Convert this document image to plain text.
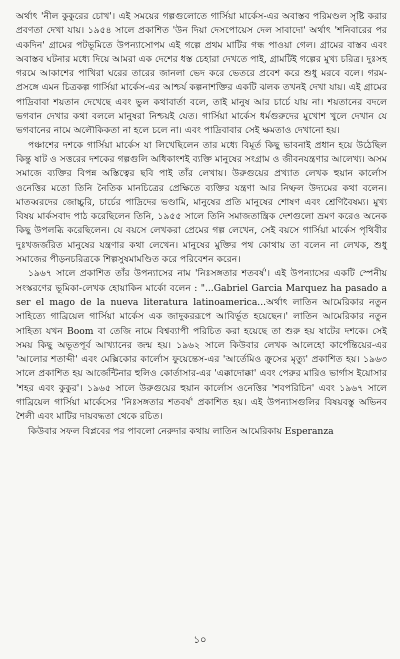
অর্থাৎ 'নীল কুকুরের চোখ'। এই সময়ের গল্পগুলোতে গার্সিয়া মার্কেস-এর অবাস্তব পরিমণ্ডল সৃষ্টি করার প্রবণতা দেখা যায়। ১৯৫৪ সালে প্রকাশিত 'উন দিয়া দেসপোয়েস দেল সাবাদো' অর্থাৎ 'শনিবারের পর একদিন' গ্রামের পটভূমিতে উপন্যাসোপম এই গল্পে প্রথম মাটির গন্ধ পাওয়া গেল। গ্রামের বাস্তব এবং অবাস্তব ঘটনার মধ্যে দিয়ে আমরা এক দেশের ধস্ত চেহারা দেখতে পাই, গ্রামটিই গল্পের মুখ্য চরিত্র। দুঃসহ গরমে আকাশের পাখিরা ঘরের তারের জানলা ভেদ করে ভেতরে প্রবেশ করে শুধু মরবে বলে। গরম-প্রসঙ্গে এমন চিত্রকল্প গার্সিয়া মার্কেস-এর আশ্চর্য কল্পনাশক্তির একটি ঝলক তখনই দেখা যায়। এই গ্রামের পাদ্রিবাবা শয়তান দেখেছে এবং ভুল কথাবার্তা বলে, তাই মানুষ আর চার্চে যায় না। শয়তানের বদলে ভগবান দেখার কথা বললে মানুষরা নিশ্চয়ই যেত। গার্সিয়া মার্কেস ধর্মগুরুদের মুখোশ খুলে দেখান যে ভগবানের নামে অলৌকিকতা না হলে চলে না। এবং পাদ্রিবাবার সেই ক্ষমতাও দেখানো হয়।

পঞ্চাশের দশকে গার্সিয়া মার্কেস যা লিখেছিলেন তার মধ্যে বিমূর্ত কিছু ভাবনাই প্রধান হয়ে উঠেছিল কিন্তু ষাট ও সত্তরের দশকের গল্পগুলি অধিকাংশই ব্যক্তি মানুষের সংগ্রাম ও জীবনযন্ত্রণার আলেখ্য। অসম সমাজে ব্যক্তির বিপন্ন অস্তিত্বের ছবি পাই তাঁর লেখায়। উরুগুয়ের প্রখ্যাত লেখক হুয়ান কার্লোস ওনেত্তির মতো তিনি নৈতিক মানচিত্রের প্রেক্ষিতে ব্যক্তির যন্ত্রণা আর নিষ্ফল উদ্যমের কথা বলেন। মাতব্বরদের জোচ্চুরি, চার্চের পাদ্রিদের ভণ্ডামি, মানুষের প্রতি মানুষের শোষণ এবং শ্রেণিবৈষম্য। মুখ্য বিষয় মার্কসবাদ পাঠ করেছিলেন তিনি, ১৯৫৫ সালে তিনি সমাজতান্ত্রিক দেশগুলো ভ্রমণ করেও অনেক কিছু উপলব্ধি করেছিলেন। যে বয়সে লেখকরা প্রেমের গল্প লেখেন, সেই বয়সে গার্সিয়া মার্কেস পৃথিবীর দুঃখজর্জরিত মানুষের যন্ত্রণার কথা লেখেন। মানুষের মুক্তির পথ কোথায় তা বলেন না লেখক, শুধু সমাজের পীড়নচরিত্রকে শিল্পসুষমামণ্ডিত করে পরিবেশন করেন।

১৯৬৭ সালে প্রকাশিত তাঁর উপন্যাসের নাম 'নিঃসঙ্গতার শতবর্ষ'। এই উপন্যাসের একটি স্পেনীয় সংস্করণের ভূমিকা-লেখক হোয়াকিন মার্কো বলেন : "...Gabriel Garcia Marquez ha pasado a ser el mago de la nueva literatura latinoamerica...অর্থাৎ লাতিন আমেরিকার নতুন সাহিত্যে গাব্রিয়েল গার্সিয়া মার্কেস এক জাদুকররূপে আবির্ভূত হয়েছেন।' লাতিন আমেরিকার নতুন সাহিত্য যখন Boom বা তেজি নামে বিশ্বব্যাপী পরিচিত করা হয়েছে তা শুরু হয় ষাটের দশকে। সেই সময় কিছু অভূতপূর্ব আখ্যানের জন্ম হয়। ১৯৬২ সালে কিউবার লেখক আলেহো কার্পেন্তিয়ের-এর 'আলোর শতাব্দী' এবং মেক্সিকোর কার্লোস ফুয়েন্তেস-এর 'আর্তেমিও ক্রুসের মৃত্যু' প্রকাশিত হয়। ১৯৬৩ সালে প্রকাশিত হয় আর্জেন্টিনার হুলিও কোর্তাসার-এর 'এক্কাদোক্কা' এবং পেরুর মারিও ভার্গাস ইয়োসার 'শহর এবং কুকুর'। ১৯৬৫ সালে উরুগুয়ের হুয়ান কার্লোস ওনেত্তির 'শবপরিচিন' এবং ১৯৬৭ সালে গাব্রিয়েল গার্সিয়া মার্কেসের 'নিঃসঙ্গতার শতবর্ষ' প্রকাশিত হয়। এই উপন্যাসগুলির বিষয়বস্তু অভিনব শৈলী এবং মাটির দায়বদ্ধতা থেকে রচিত।

কিউবার সফল বিপ্লবের পর পাবলো নেরুদার কথায় লাতিন আমেরিকায় Esperanza

১০
